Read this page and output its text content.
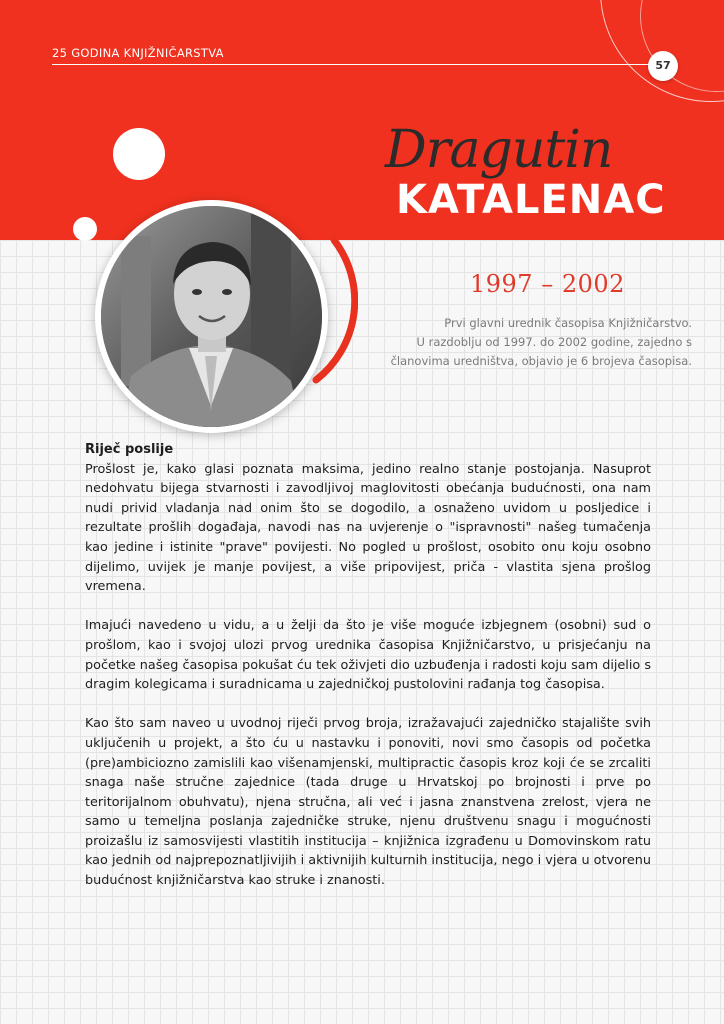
25 GODINA KNJIŽNIČARSTVA
57
Dragutin
KATALENAC
1997 – 2002
Prvi glavni urednik časopisa Knjižničarstvo.
U razdoblju od 1997. do 2002 godine, zajedno s
članovima uredništva, objavio je 6 brojeva časopisa.
Riječ poslije

Prošlost je, kako glasi poznata maksima, jedino realno stanje postojanja. Nasuprot nedohvatu bijega stvarnosti i zavodljivoj maglovitosti obećanja budućnosti, ona nam nudi privid vladanja nad onim što se dogodilo, a osnaženo uvidom u posljedice i rezultate prošlih događaja, navodi nas na uvjerenje o "ispravnosti" našeg tumačenja kao jedine i istinite "prave" povijesti. No pogled u prošlost, osobito onu koju osobno dijelimo, uvijek je manje povijest, a više pripovijest, priča - vlastita sjena prošlog vremena.

Imajući navedeno u vidu, a u želji da što je više moguće izbjegnem (osobni) sud o prošlom, kao i svojoj ulozi prvog urednika časopisa Knjižničarstvo, u prisjećanju na početke našeg časopisa pokušat ću tek oživjeti dio uzbuđenja i radosti koju sam dijelio s dragim kolegicama i suradnicama u zajedničkoj pustolovini rađanja tog časopisa.

Kao što sam naveo u uvodnoj riječi prvog broja, izražavajući zajedničko stajalište svih uključenih u projekt, a što ću u nastavku i ponoviti, novi smo časopis od početka (pre)ambiciozno zamislili kao višenamjenski, multipractic časopis kroz koji će se zrcaliti snaga naše stručne zajednice (tada druge u Hrvatskoj po brojnosti i prve po teritorijalnom obuhvatu), njena stručna, ali već i jasna znanstvena zrelost, vjera ne samo u temeljna poslanja zajedničke struke, njenu društvenu snagu i mogućnosti proizašlu iz samosvijesti vlastitih institucija – knjižnica izgrađenu u Domovinskom ratu kao jednih od najprepoznatljivijih i aktivnijih kulturnih institucija, nego i vjera u otvorenu budućnost knjižničarstva kao struke i znanosti.
